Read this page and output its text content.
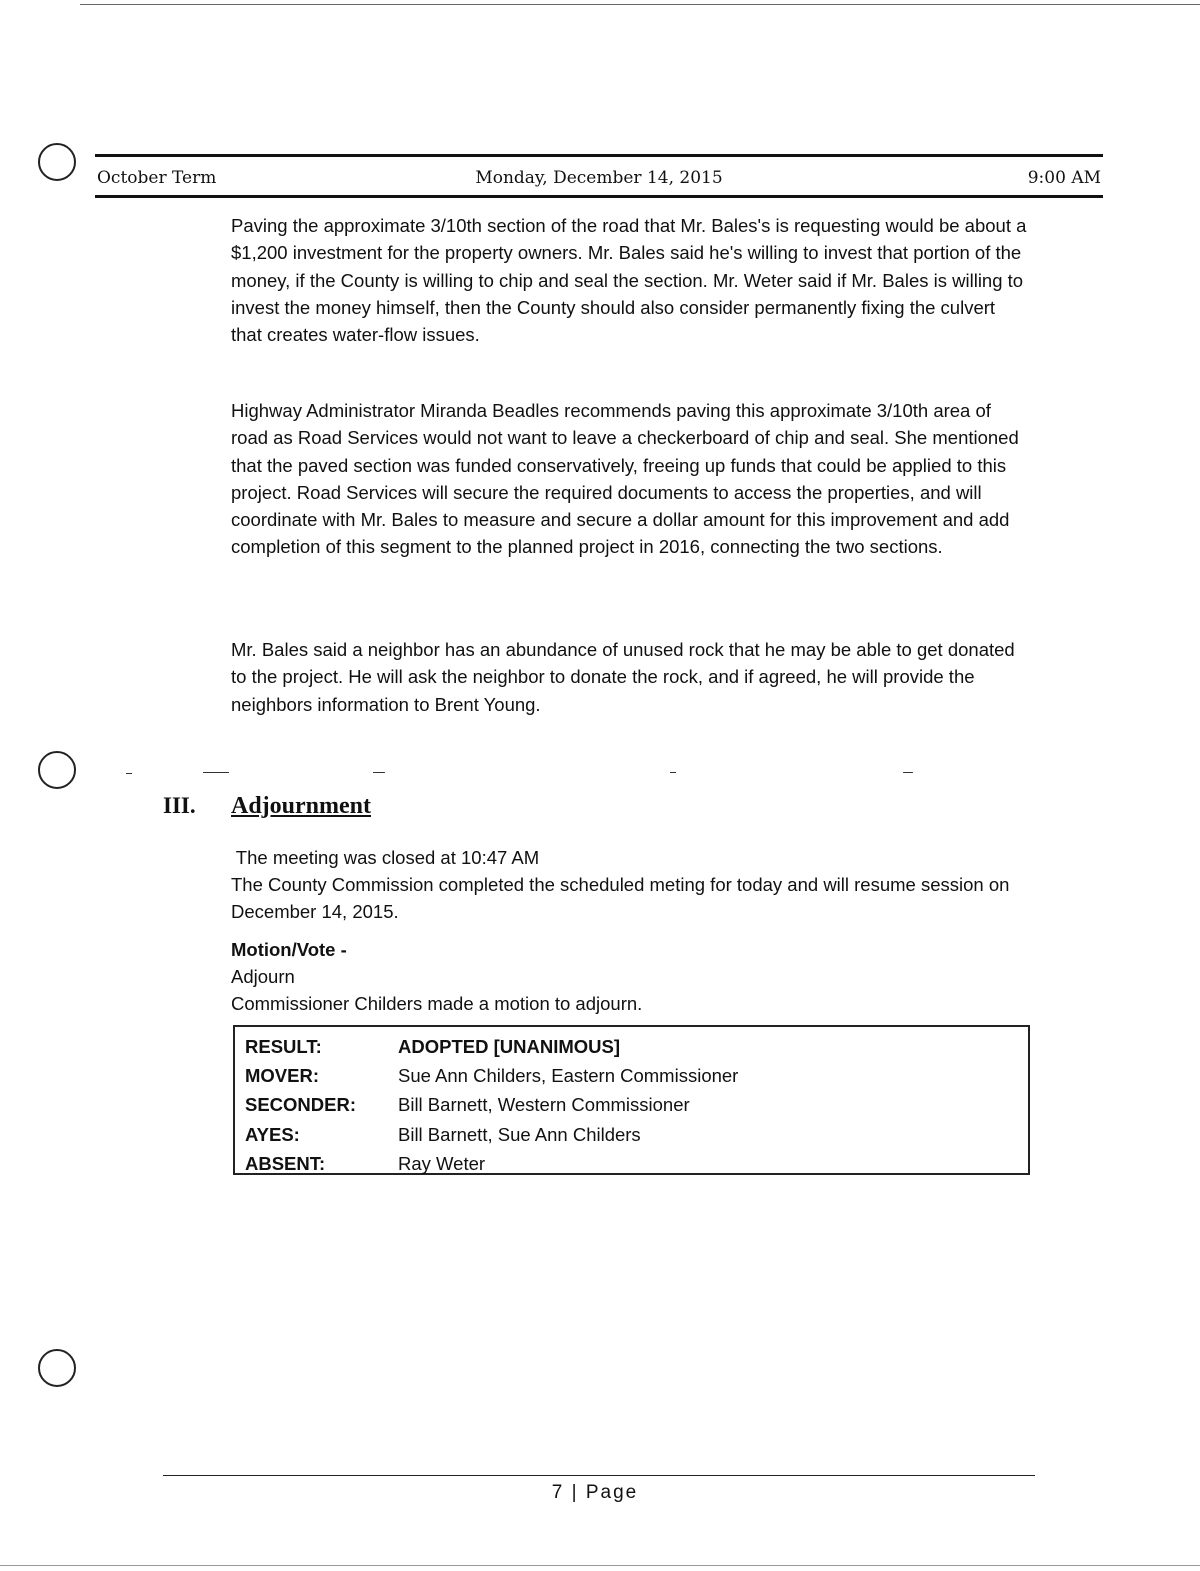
October Term	Monday, December 14, 2015	9:00 AM

Paving the approximate 3/10th section of the road that Mr. Bales's is requesting would be about a $1,200 investment for the property owners. Mr. Bales said he's willing to invest that portion of the money, if the County is willing to chip and seal the section. Mr. Weter said if Mr. Bales is willing to invest the money himself, then the County should also consider permanently fixing the culvert that creates water-flow issues.

Highway Administrator Miranda Beadles recommends paving this approximate 3/10th area of road as Road Services would not want to leave a checkerboard of chip and seal. She mentioned that the paved section was funded conservatively, freeing up funds that could be applied to this project. Road Services will secure the required documents to access the properties, and will coordinate with Mr. Bales to measure and secure a dollar amount for this improvement and add completion of this segment to the planned project in 2016, connecting the two sections.

Mr. Bales said a neighbor has an abundance of unused rock that he may be able to get donated to the project. He will ask the neighbor to donate the rock, and if agreed, he will provide the neighbors information to Brent Young.

III. Adjournment

The meeting was closed at 10:47 AM

The County Commission completed the scheduled meting for today and will resume session on December 14, 2015.

Motion/Vote -

Adjourn

Commissioner Childers made a motion to adjourn.

RESULT:	ADOPTED [UNANIMOUS]
MOVER:	Sue Ann Childers, Eastern Commissioner
SECONDER:	Bill Barnett, Western Commissioner
AYES:	Bill Barnett, Sue Ann Childers
ABSENT:	Ray Weter
7 | Page
